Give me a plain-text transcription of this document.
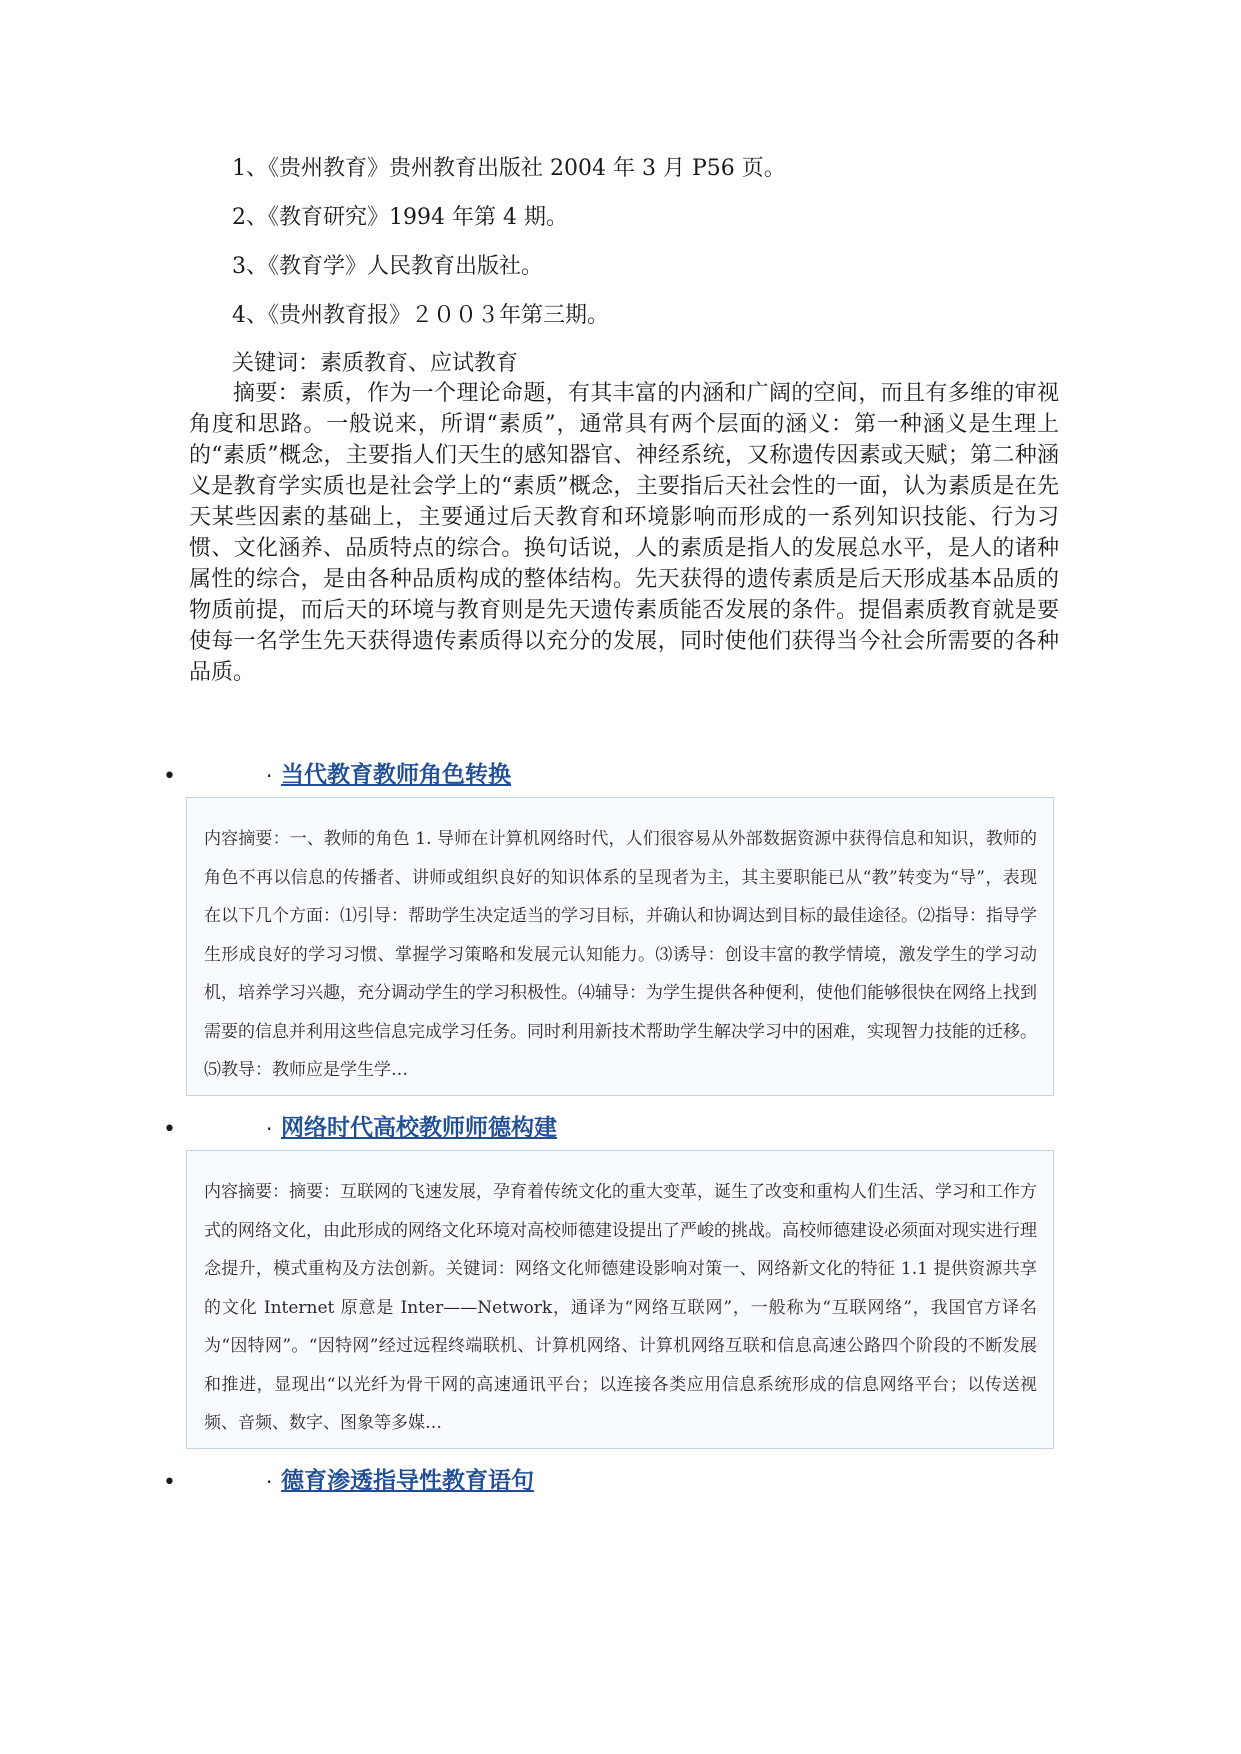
1、《贵州教育》贵州教育出版社 2004 年 3 月 P56 页。
2、《教育研究》1994 年第 4 期。
3、《教育学》人民教育出版社。
4、《贵州教育报》２００３年第三期。
关键词：素质教育、应试教育

摘要：素质，作为一个理论命题，有其丰富的内涵和广阔的空间，而且有多维的审视角度和思路。一般说来，所谓“素质”，通常具有两个层面的涵义：第一种涵义是生理上的“素质”概念，主要指人们天生的感知器官、神经系统，又称遗传因素或天赋；第二种涵义是教育学实质也是社会学上的“素质”概念，主要指后天社会性的一面，认为素质是在先天某些因素的基础上，主要通过后天教育和环境影响而形成的一系列知识技能、行为习惯、文化涵养、品质特点的综合。换句话说，人的素质是指人的发展总水平，是人的诸种属性的综合，是由各种品质构成的整体结构。先天获得的遗传素质是后天形成基本品质的物质前提，而后天的环境与教育则是先天遗传素质能否发展的条件。提倡素质教育就是要使每一名学生先天获得遗传素质得以充分的发展，同时使他们获得当今社会所需要的各种品质。

•	· 当代教育教师角色转换

内容摘要：一、教师的角色 1. 导师在计算机网络时代，人们很容易从外部数据资源中获得信息和知识，教师的角色不再以信息的传播者、讲师或组织良好的知识体系的呈现者为主，其主要职能已从“教”转变为“导”，表现在以下几个方面：⑴引导：帮助学生决定适当的学习目标，并确认和协调达到目标的最佳途径。⑵指导：指导学生形成良好的学习习惯、掌握学习策略和发展元认知能力。⑶诱导：创设丰富的教学情境，激发学生的学习动机，培养学习兴趣，充分调动学生的学习积极性。⑷辅导：为学生提供各种便利，使他们能够很快在网络上找到需要的信息并利用这些信息完成学习任务。同时利用新技术帮助学生解决学习中的困难，实现智力技能的迁移。⑸教导：教师应是学生学…

•	· 网络时代高校教师师德构建

内容摘要：摘要：互联网的飞速发展，孕育着传统文化的重大变革，诞生了改变和重构人们生活、学习和工作方式的网络文化，由此形成的网络文化环境对高校师德建设提出了严峻的挑战。高校师德建设必须面对现实进行理念提升，模式重构及方法创新。关键词：网络文化师德建设影响对策一、网络新文化的特征 1.1 提供资源共享的文化 Internet 原意是 Inter——Network，通译为“网络互联网”，一般称为“互联网络”，我国官方译名为“因特网”。“因特网”经过远程终端联机、计算机网络、计算机网络互联和信息高速公路四个阶段的不断发展和推进，显现出“以光纤为骨干网的高速通讯平台；以连接各类应用信息系统形成的信息网络平台；以传送视频、音频、数字、图象等多媒…

•	· 德育渗透指导性教育语句
